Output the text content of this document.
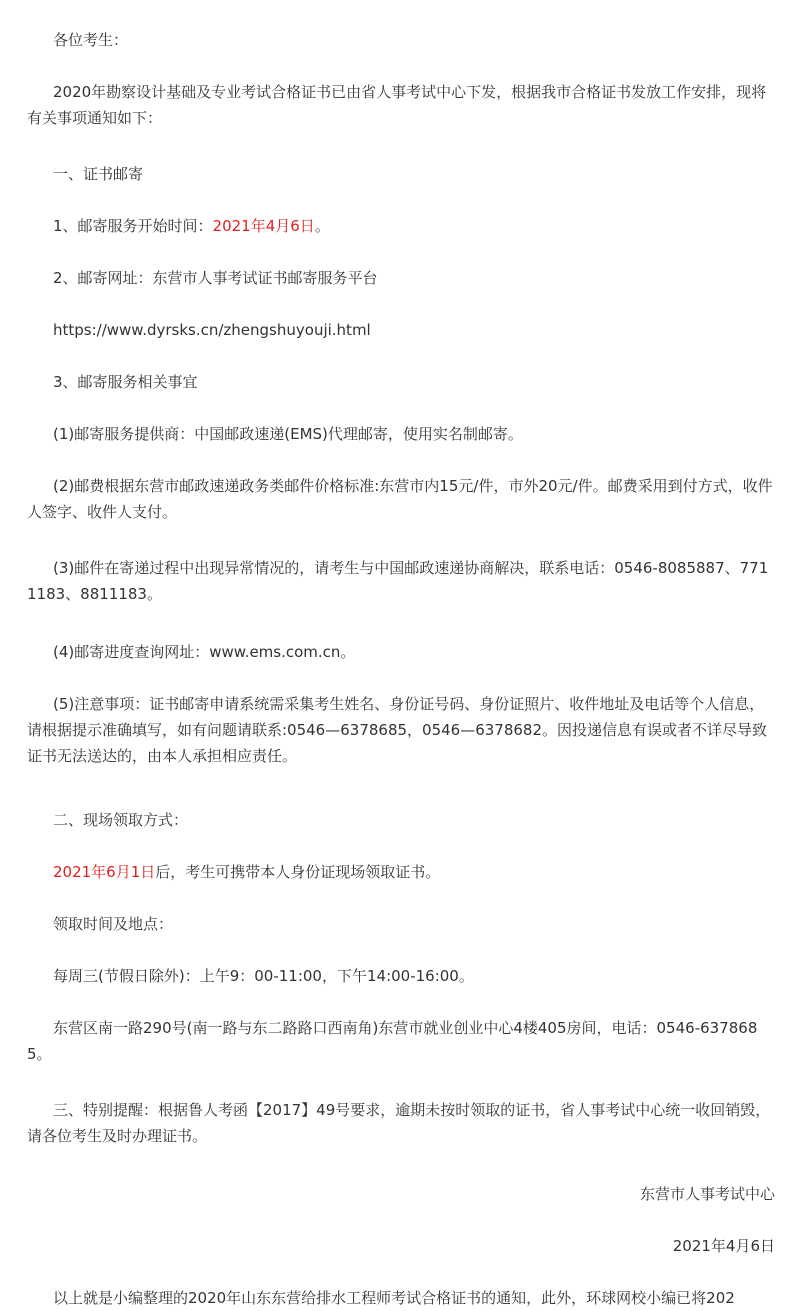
各位考生：

2020年勘察设计基础及专业考试合格证书已由省人事考试中心下发，根据我市合格证书发放工作安排，现将有关事项通知如下：

一、证书邮寄

1、邮寄服务开始时间：2021年4月6日。

2、邮寄网址：东营市人事考试证书邮寄服务平台

https://www.dyrsks.cn/zhengshuyouji.html

3、邮寄服务相关事宜

(1)邮寄服务提供商：中国邮政速递(EMS)代理邮寄，使用实名制邮寄。

(2)邮费根据东营市邮政速递政务类邮件价格标准:东营市内15元/件，市外20元/件。邮费采用到付方式，收件人签字、收件人支付。

(3)邮件在寄递过程中出现异常情况的，请考生与中国邮政速递协商解决，联系电话：0546-8085887、7711183、8811183。

(4)邮寄进度查询网址：www.ems.com.cn。

(5)注意事项：证书邮寄申请系统需采集考生姓名、身份证号码、身份证照片、收件地址及电话等个人信息，请根据提示准确填写，如有问题请联系:0546—6378685，0546—6378682。因投递信息有误或者不详尽导致证书无法送达的，由本人承担相应责任。

二、现场领取方式：

2021年6月1日后，考生可携带本人身份证现场领取证书。

领取时间及地点：

每周三(节假日除外)：上午9：00-11:00，下午14:00-16:00。

东营区南一路290号(南一路与东二路路口西南角)东营市就业创业中心4楼405房间，电话：0546-6378685。

三、特别提醒：根据鲁人考函【2017】49号要求，逾期未按时领取的证书，省人事考试中心统一收回销毁，请各位考生及时办理证书。

东营市人事考试中心

2021年4月6日

以上就是小编整理的2020年山东东营给排水工程师考试合格证书的通知，此外，环球网校小编已将202
